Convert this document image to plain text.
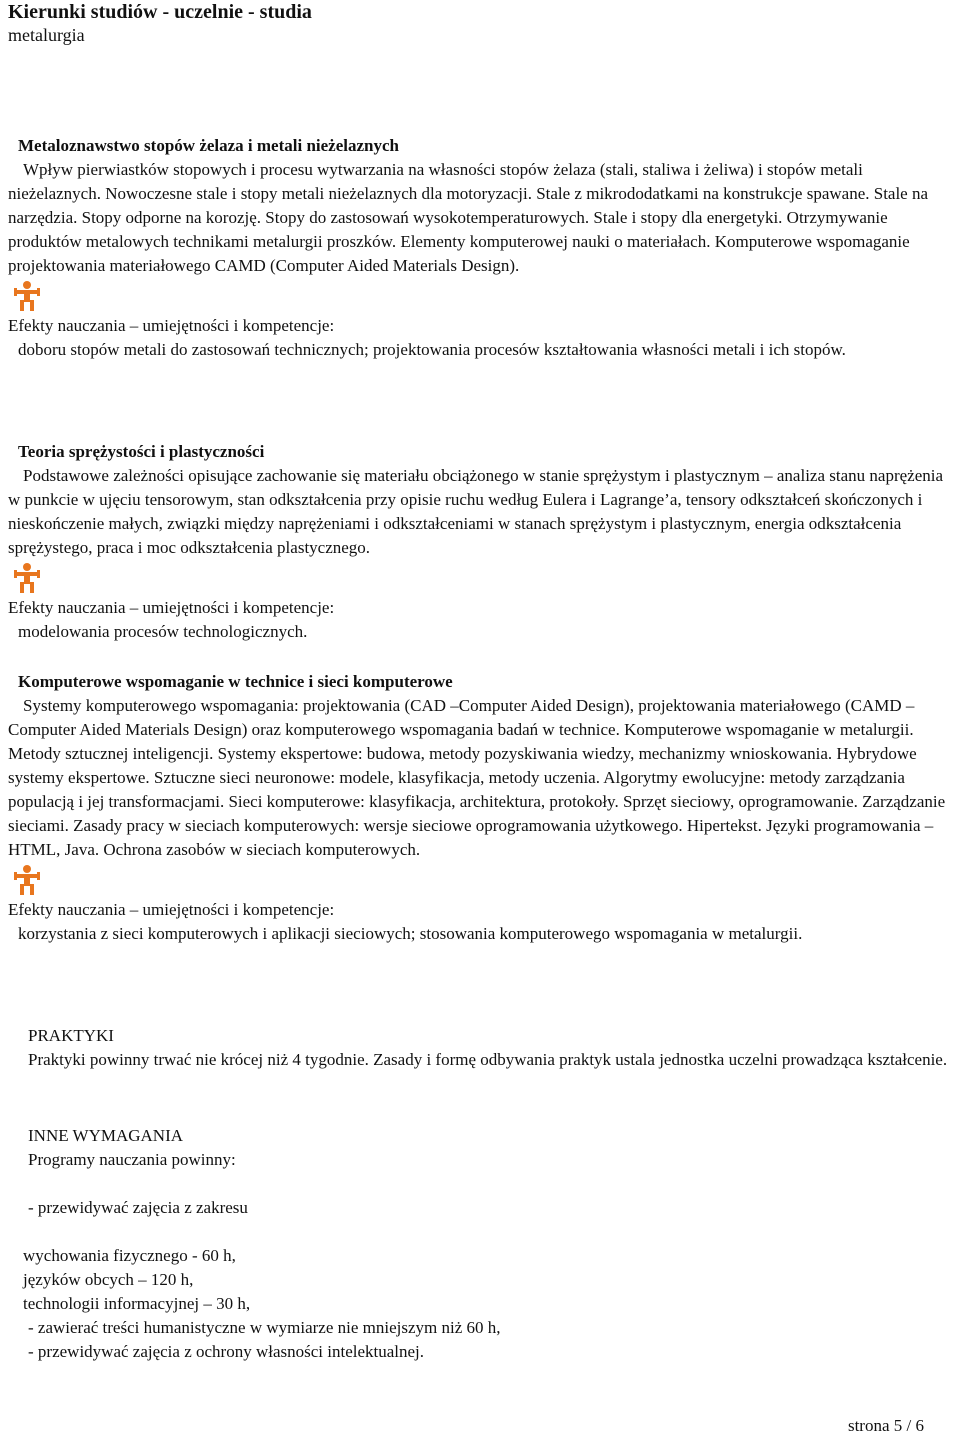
Kierunki studiów - uczelnie - studia
metalurgia
Metaloznawstwo stopów żelaza i metali nieżelaznych

Wpływ pierwiastków stopowych i procesu wytwarzania na własności stopów żelaza (stali, staliwa i żeliwa) i stopów metali nieżelaznych. Nowoczesne stale i stopy metali nieżelaznych dla motoryzacji. Stale z mikrododatkami na konstrukcje spawane. Stale na narzędzia. Stopy odporne na korozję. Stopy do zastosowań wysokotemperaturowych. Stale i stopy dla energetyki. Otrzymywanie produktów metalowych technikami metalurgii proszków. Elementy komputerowej nauki o materiałach. Komputerowe wspomaganie projektowania materiałowego CAMD (Computer Aided Materials Design).

Efekty nauczania – umiejętności i kompetencje:

doboru stopów metali do zastosowań technicznych; projektowania procesów kształtowania własności metali i ich stopów.

Teoria sprężystości i plastyczności

Podstawowe zależności opisujące zachowanie się materiału obciążonego w stanie sprężystym i plastycznym – analiza stanu naprężenia w punkcie w ujęciu tensorowym, stan odkształcenia przy opisie ruchu według Eulera i Lagrange’a, tensory odkształceń skończonych i nieskończenie małych, związki między naprężeniami i odkształceniami w stanach sprężystym i plastycznym, energia odkształcenia sprężystego, praca i moc odkształcenia plastycznego.

Efekty nauczania – umiejętności i kompetencje:

modelowania procesów technologicznych.

Komputerowe wspomaganie w technice i sieci komputerowe

Systemy komputerowego wspomagania: projektowania (CAD –Computer Aided Design), projektowania materiałowego (CAMD – Computer Aided Materials Design) oraz komputerowego wspomagania badań w technice. Komputerowe wspomaganie w metalurgii. Metody sztucznej inteligencji. Systemy ekspertowe: budowa, metody pozyskiwania wiedzy, mechanizmy wnioskowania. Hybrydowe systemy ekspertowe. Sztuczne sieci neuronowe: modele, klasyfikacja, metody uczenia. Algorytmy ewolucyjne: metody zarządzania populacją i jej transformacjami. Sieci komputerowe: klasyfikacja, architektura, protokoły. Sprzęt sieciowy, oprogramowanie. Zarządzanie sieciami. Zasady pracy w sieciach komputerowych: wersje sieciowe oprogramowania użytkowego. Hipertekst. Języki programowania – HTML, Java. Ochrona zasobów w sieciach komputerowych.

Efekty nauczania – umiejętności i kompetencje:

korzystania z sieci komputerowych i aplikacji sieciowych; stosowania komputerowego wspomagania w metalurgii.

PRAKTYKI

Praktyki powinny trwać nie krócej niż 4 tygodnie. Zasady i formę odbywania praktyk ustala jednostka uczelni prowadząca kształcenie.

INNE WYMAGANIA
Programy nauczania powinny:
- przewidywać zajęcia z zakresu
wychowania fizycznego - 60 h,
języków obcych – 120 h,
technologii informacyjnej – 30 h,
- zawierać treści humanistyczne w wymiarze nie mniejszym niż 60 h,
- przewidywać zajęcia z ochrony własności intelektualnej.
strona 5 / 6
